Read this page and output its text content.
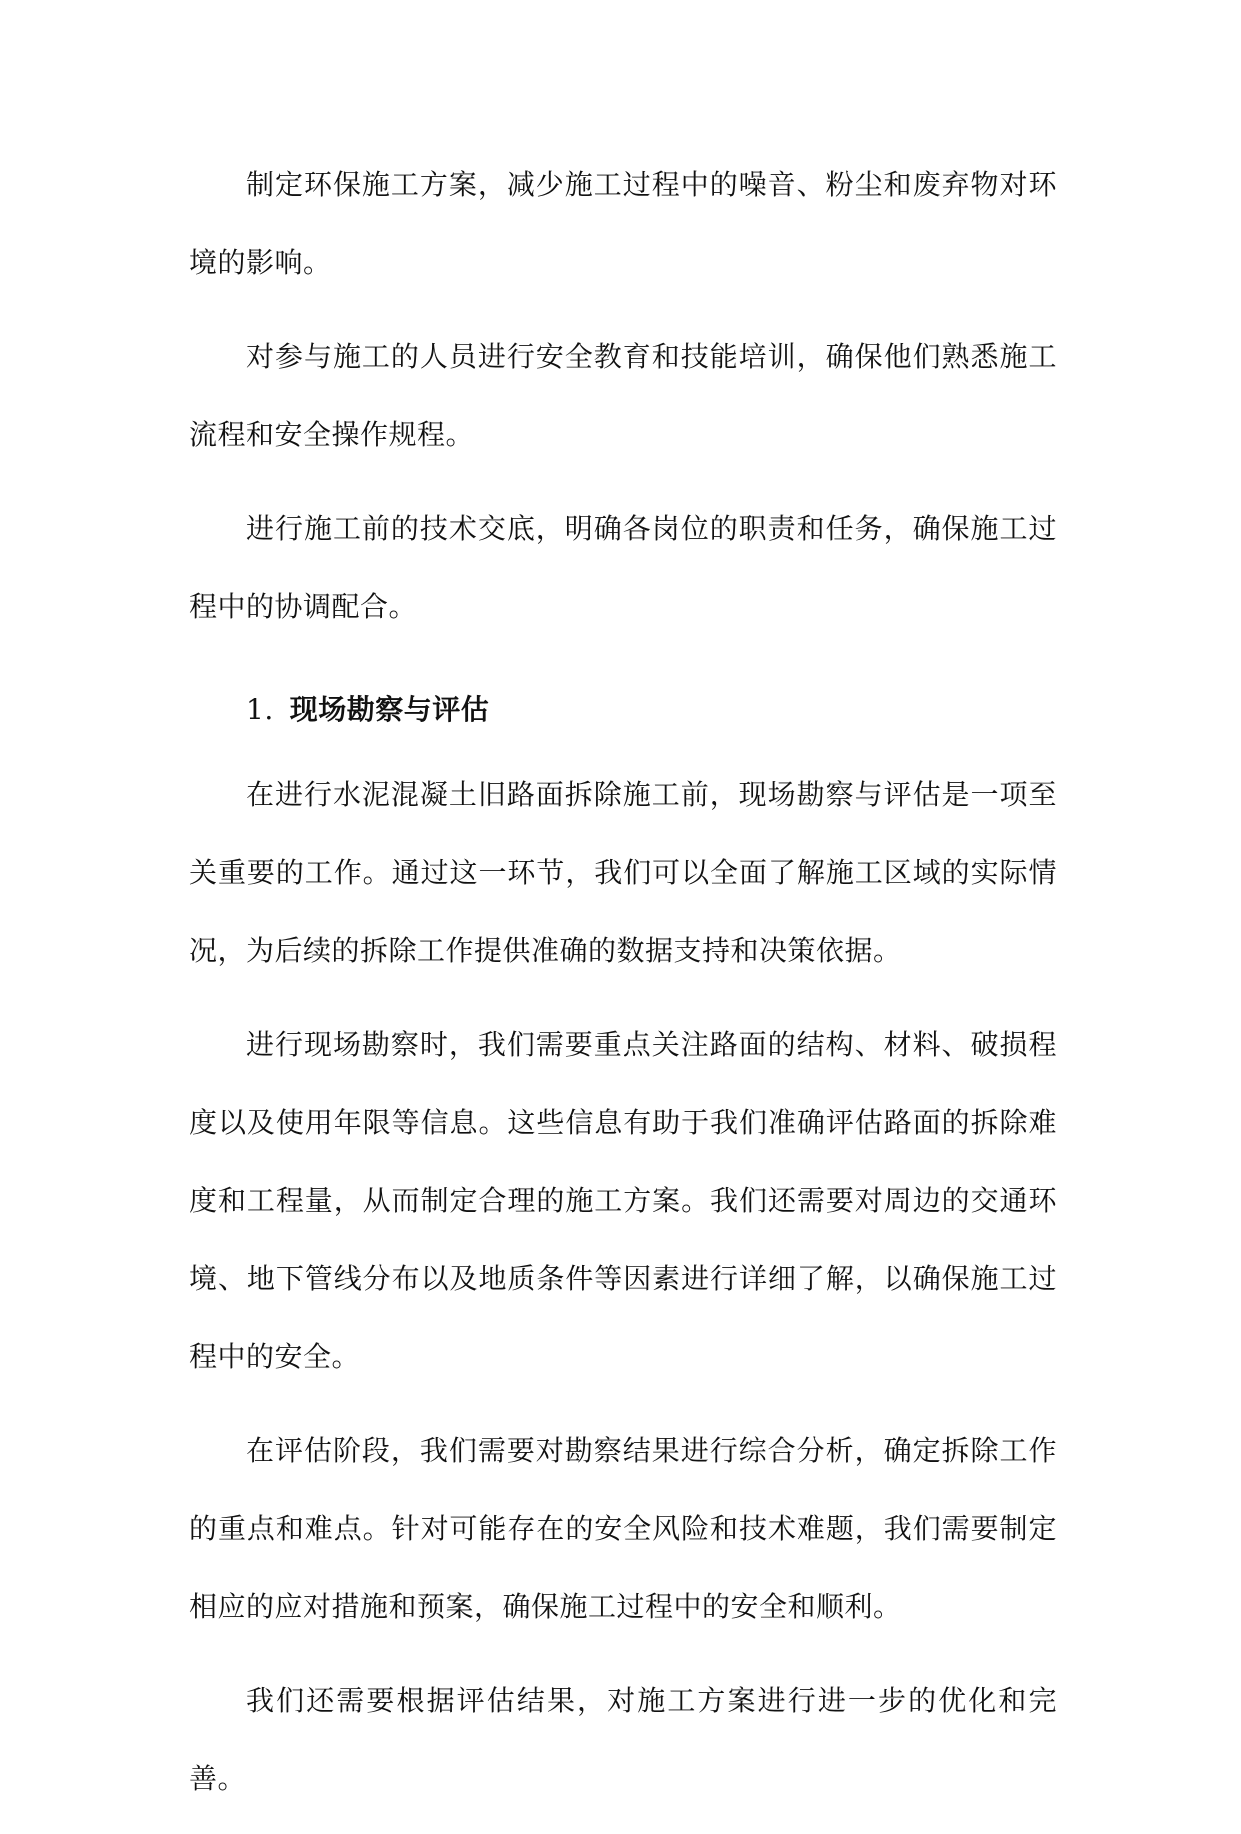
制定环保施工方案，减少施工过程中的噪音、粉尘和废弃物对环境的影响。

对参与施工的人员进行安全教育和技能培训，确保他们熟悉施工流程和安全操作规程。

进行施工前的技术交底，明确各岗位的职责和任务，确保施工过程中的协调配合。

1. 现场勘察与评估

在进行水泥混凝土旧路面拆除施工前，现场勘察与评估是一项至关重要的工作。通过这一环节，我们可以全面了解施工区域的实际情况，为后续的拆除工作提供准确的数据支持和决策依据。

进行现场勘察时，我们需要重点关注路面的结构、材料、破损程度以及使用年限等信息。这些信息有助于我们准确评估路面的拆除难度和工程量，从而制定合理的施工方案。我们还需要对周边的交通环境、地下管线分布以及地质条件等因素进行详细了解，以确保施工过程中的安全。

在评估阶段，我们需要对勘察结果进行综合分析，确定拆除工作的重点和难点。针对可能存在的安全风险和技术难题，我们需要制定相应的应对措施和预案，确保施工过程中的安全和顺利。

我们还需要根据评估结果，对施工方案进行进一步的优化和完善。
